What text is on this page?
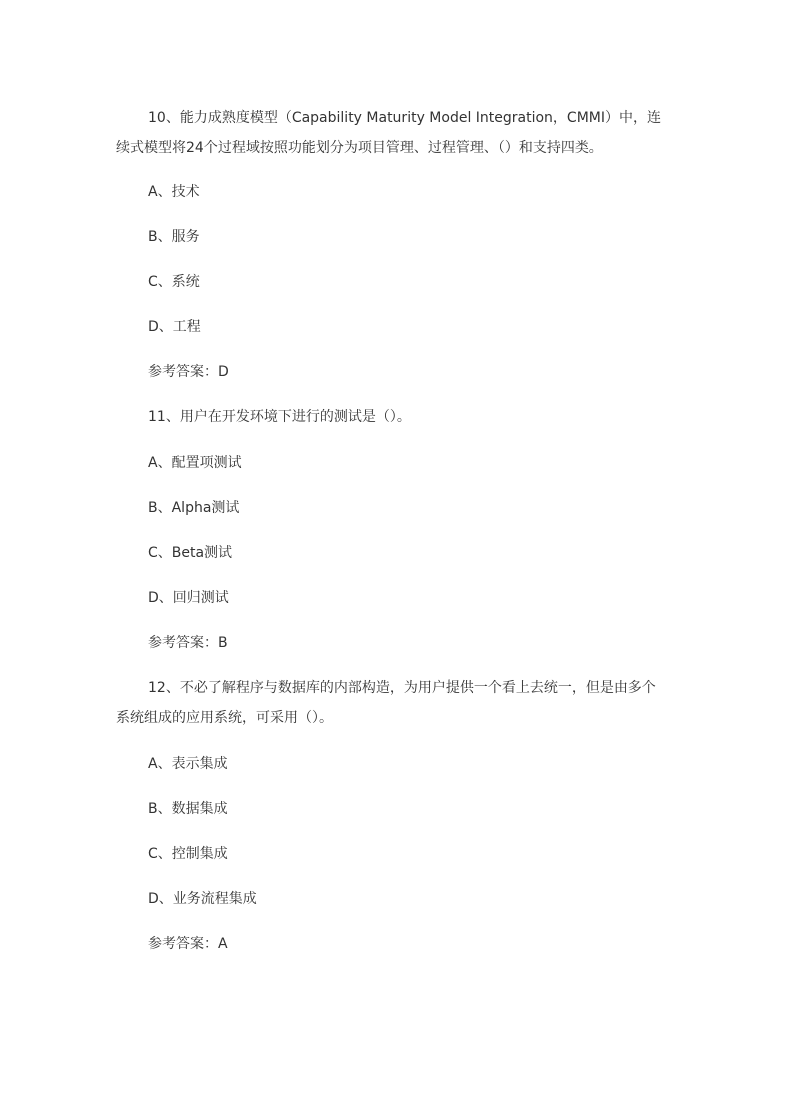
10、能力成熟度模型（Capability Maturity Model Integration，CMMI）中，连续式模型将24个过程域按照功能划分为项目管理、过程管理、（）和支持四类。
A、技术
B、服务
C、系统
D、工程
参考答案：D
11、用户在开发环境下进行的测试是（）。
A、配置项测试
B、Alpha测试
C、Beta测试
D、回归测试
参考答案：B
12、不必了解程序与数据库的内部构造，为用户提供一个看上去统一，但是由多个系统组成的应用系统，可采用（）。
A、表示集成
B、数据集成
C、控制集成
D、业务流程集成
参考答案：A
